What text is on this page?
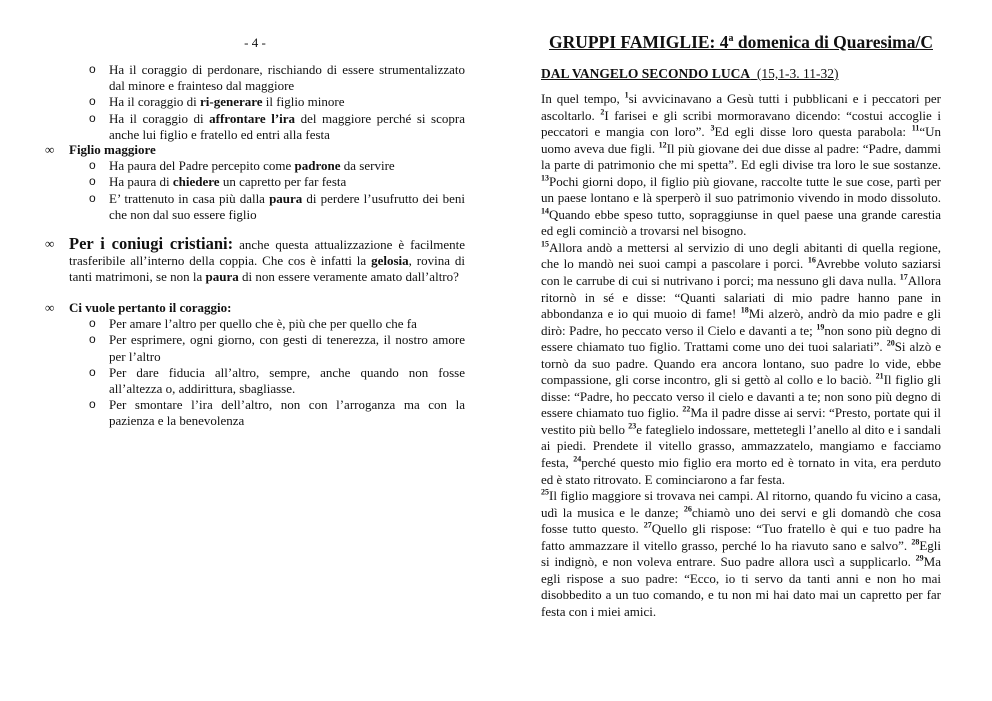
- 4 -
o Ha il coraggio di perdonare, rischiando di essere strumentalizzato dal minore e frainteso dal maggiore
o Ha il coraggio di ri-generare il figlio minore
o Ha il coraggio di affrontare l’ira del maggiore perché si scopra anche lui figlio e fratello ed entri alla festa
∞ Figlio maggiore
o Ha paura del Padre percepito come padrone da servire
o Ha paura di chiedere un capretto per far festa
o E’ trattenuto in casa più dalla paura di perdere l’usufrutto dei beni che non dal suo essere figlio
∞ Per i coniugi cristiani: anche questa attualizzazione è facilmente trasferibile all’interno della coppia. Che cos è infatti la gelosia, rovina di tanti matrimoni, se non la paura di non essere veramente amato dall’altro?
∞ Ci vuole pertanto il coraggio:
o Per amare l’altro per quello che è, più che per quello che fa
o Per esprimere, ogni giorno, con gesti di tenerezza, il nostro amore per l’altro
o Per dare fiducia all’altro, sempre, anche quando non fosse all’altezza o, addirittura, sbagliasse.
o Per smontare l’ira dell’altro, non con l’arroganza ma con la pazienza e la benevolenza
GRUPPI FAMIGLIE: 4$^a$ domenica di Quaresima/C
DAL VANGELO SECONDO LUCA (15,1-3. 11-32)

In quel tempo, $^1$si avvicinavano a Gesù tutti i pubblicani e i peccatori per ascoltarlo. $^2$I farisei e gli scribi mormoravano dicendo: “costui accoglie i peccatori e mangia con loro”. $^3$Ed egli disse loro questa parabola: $^{11}$“Un uomo aveva due figli. $^{12}$Il più giovane dei due disse al padre: “Padre, dammi la parte di patrimonio che mi spetta”. Ed egli divise tra loro le sue sostanze. $^{13}$Pochi giorni dopo, il figlio più giovane, raccolte tutte le sue cose, partì per un paese lontano e là sperperò il suo patrimonio vivendo in modo dissoluto. $^{14}$Quando ebbe speso tutto, sopraggiunse in quel paese una grande carestia ed egli cominciò a trovarsi nel bisogno.

$^{15}$Allora andò a mettersi al servizio di uno degli abitanti di quella regione, che lo mandò nei suoi campi a pascolare i porci. $^{16}$Avrebbe voluto saziarsi con le carrube di cui si nutrivano i porci; ma nessuno gli dava nulla. $^{17}$Allora ritornò in sé e disse: “Quanti salariati di mio padre hanno pane in abbondanza e io qui muoio di fame! $^{18}$Mi alzerò, andrò da mio padre e gli dirò: Padre, ho peccato verso il Cielo e davanti a te; $^{19}$non sono più degno di essere chiamato tuo figlio. Trattami come uno dei tuoi salariati”. $^{20}$Si alzò e tornò da suo padre. Quando era ancora lontano, suo padre lo vide, ebbe compassione, gli corse incontro, gli si gettò al collo e lo baciò. $^{21}$Il figlio gli disse: “Padre, ho peccato verso il cielo e davanti a te; non sono più degno di essere chiamato tuo figlio. $^{22}$Ma il padre disse ai servi: “Presto, portate qui il vestito più bello $^{23}$e fateglielo indossare, mettetegli l’anello al dito e i sandali ai piedi. Prendete il vitello grasso, ammazzatelo, mangiamo e facciamo festa, $^{24}$perché questo mio figlio era morto ed è tornato in vita, era perduto ed è stato ritrovato. E cominciarono a far festa.

$^{25}$Il figlio maggiore si trovava nei campi. Al ritorno, quando fu vicino a casa, udì la musica e le danze; $^{26}$chiamò uno dei servi e gli domandò che cosa fosse tutto questo. $^{27}$Quello gli rispose: “Tuo fratello è qui e tuo padre ha fatto ammazzare il vitello grasso, perché lo ha riavuto sano e salvo”. $^{28}$Egli si indignò, e non voleva entrare. Suo padre allora uscì a supplicarlo. $^{29}$Ma egli rispose a suo padre: “Ecco, io ti servo da tanti anni e non ho mai disobbedito a un tuo comando, e tu non mi hai dato mai un capretto per far festa con i miei amici.
